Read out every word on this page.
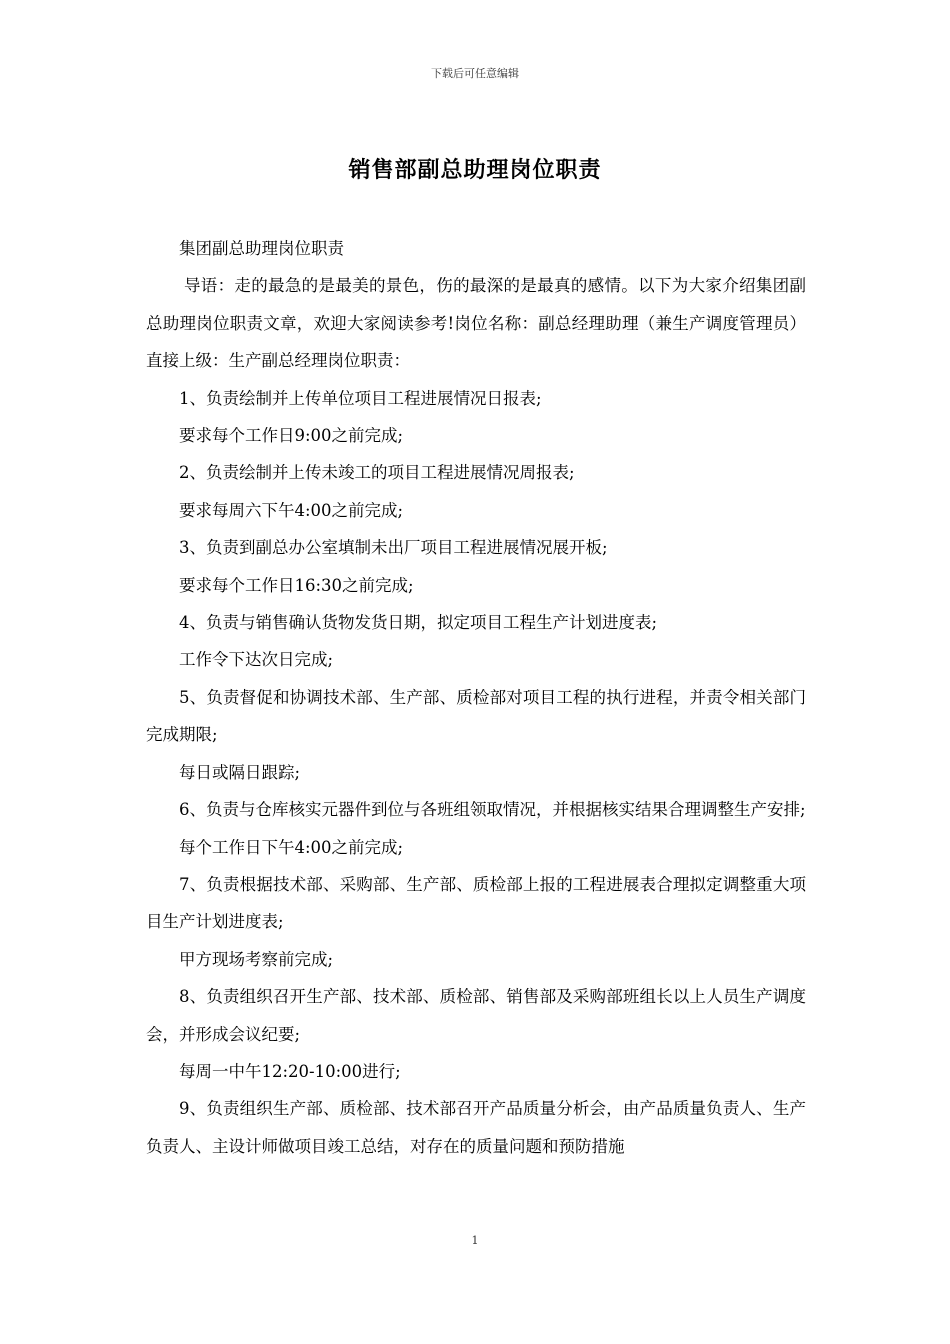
下载后可任意编辑
销售部副总助理岗位职责

集团副总助理岗位职责

导语：走的最急的是最美的景色，伤的最深的是最真的感情。以下为大家介绍集团副总助理岗位职责文章，欢迎大家阅读参考!岗位名称：副总经理助理（兼生产调度管理员）直接上级：生产副总经理岗位职责：

1、负责绘制并上传单位项目工程进展情况日报表;

要求每个工作日9:00之前完成;

2、负责绘制并上传未竣工的项目工程进展情况周报表;

要求每周六下午4:00之前完成;

3、负责到副总办公室填制未出厂项目工程进展情况展开板;

要求每个工作日16:30之前完成;

4、负责与销售确认货物发货日期，拟定项目工程生产计划进度表;

工作令下达次日完成;

5、负责督促和协调技术部、生产部、质检部对项目工程的执行进程，并责令相关部门完成期限;

每日或隔日跟踪;

6、负责与仓库核实元器件到位与各班组领取情况，并根据核实结果合理调整生产安排;

每个工作日下午4:00之前完成;

7、负责根据技术部、采购部、生产部、质检部上报的工程进展表合理拟定调整重大项目生产计划进度表;

甲方现场考察前完成;

8、负责组织召开生产部、技术部、质检部、销售部及采购部班组长以上人员生产调度会，并形成会议纪要;

每周一中午12:20-10:00进行;

9、负责组织生产部、质检部、技术部召开产品质量分析会，由产品质量负责人、生产负责人、主设计师做项目竣工总结，对存在的质量问题和预防措施

1
